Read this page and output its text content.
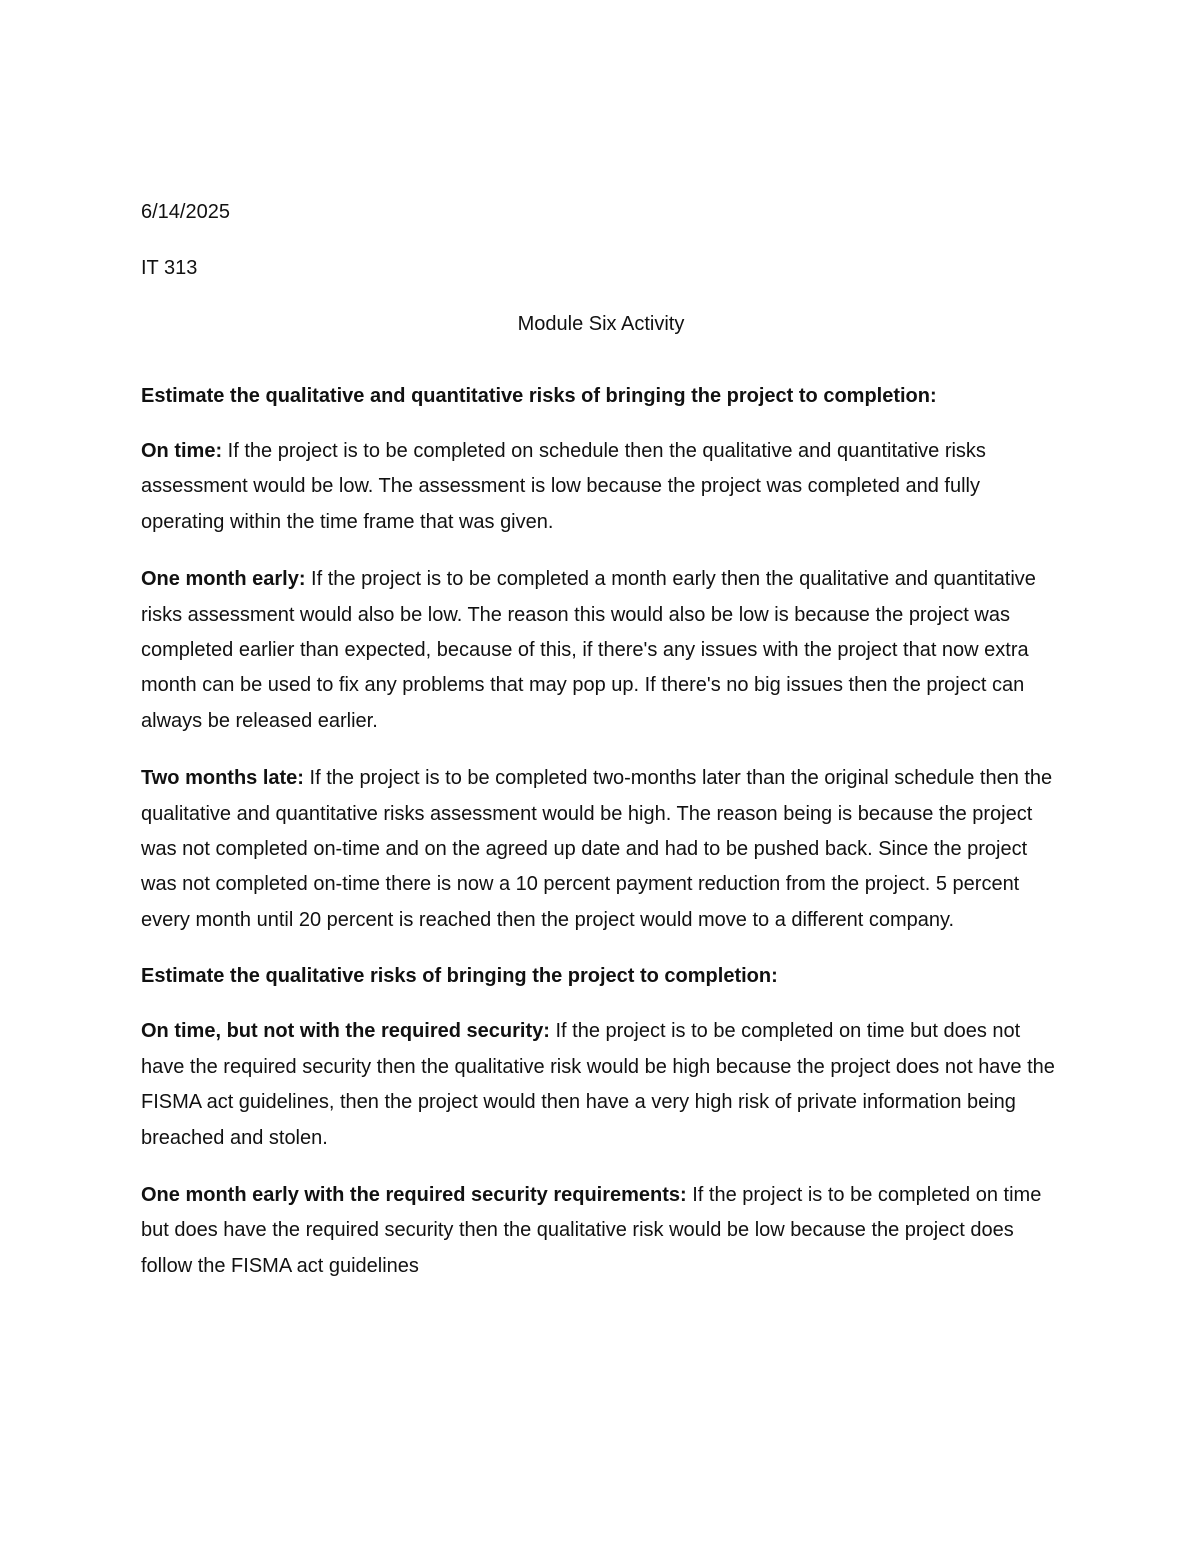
6/14/2025

IT 313

Module Six Activity
Estimate the qualitative and quantitative risks of bringing the project to completion:

On time: If the project is to be completed on schedule then the qualitative and quantitative risks assessment would be low. The assessment is low because the project was completed and fully operating within the time frame that was given.

One month early: If the project is to be completed a month early then the qualitative and quantitative risks assessment would also be low. The reason this would also be low is because the project was completed earlier than expected, because of this, if there's any issues with the project that now extra month can be used to fix any problems that may pop up. If there's no big issues then the project can always be released earlier.

Two months late: If the project is to be completed two-months later than the original schedule then the qualitative and quantitative risks assessment would be high. The reason being is because the project was not completed on-time and on the agreed up date and had to be pushed back. Since the project was not completed on-time there is now a 10 percent payment reduction from the project. 5 percent every month until 20 percent is reached then the project would move to a different company.

Estimate the qualitative risks of bringing the project to completion:

On time, but not with the required security: If the project is to be completed on time but does not have the required security then the qualitative risk would be high because the project does not have the FISMA act guidelines, then the project would then have a very high risk of private information being breached and stolen.

One month early with the required security requirements: If the project is to be completed on time but does have the required security then the qualitative risk would be low because the project does follow the FISMA act guidelines
